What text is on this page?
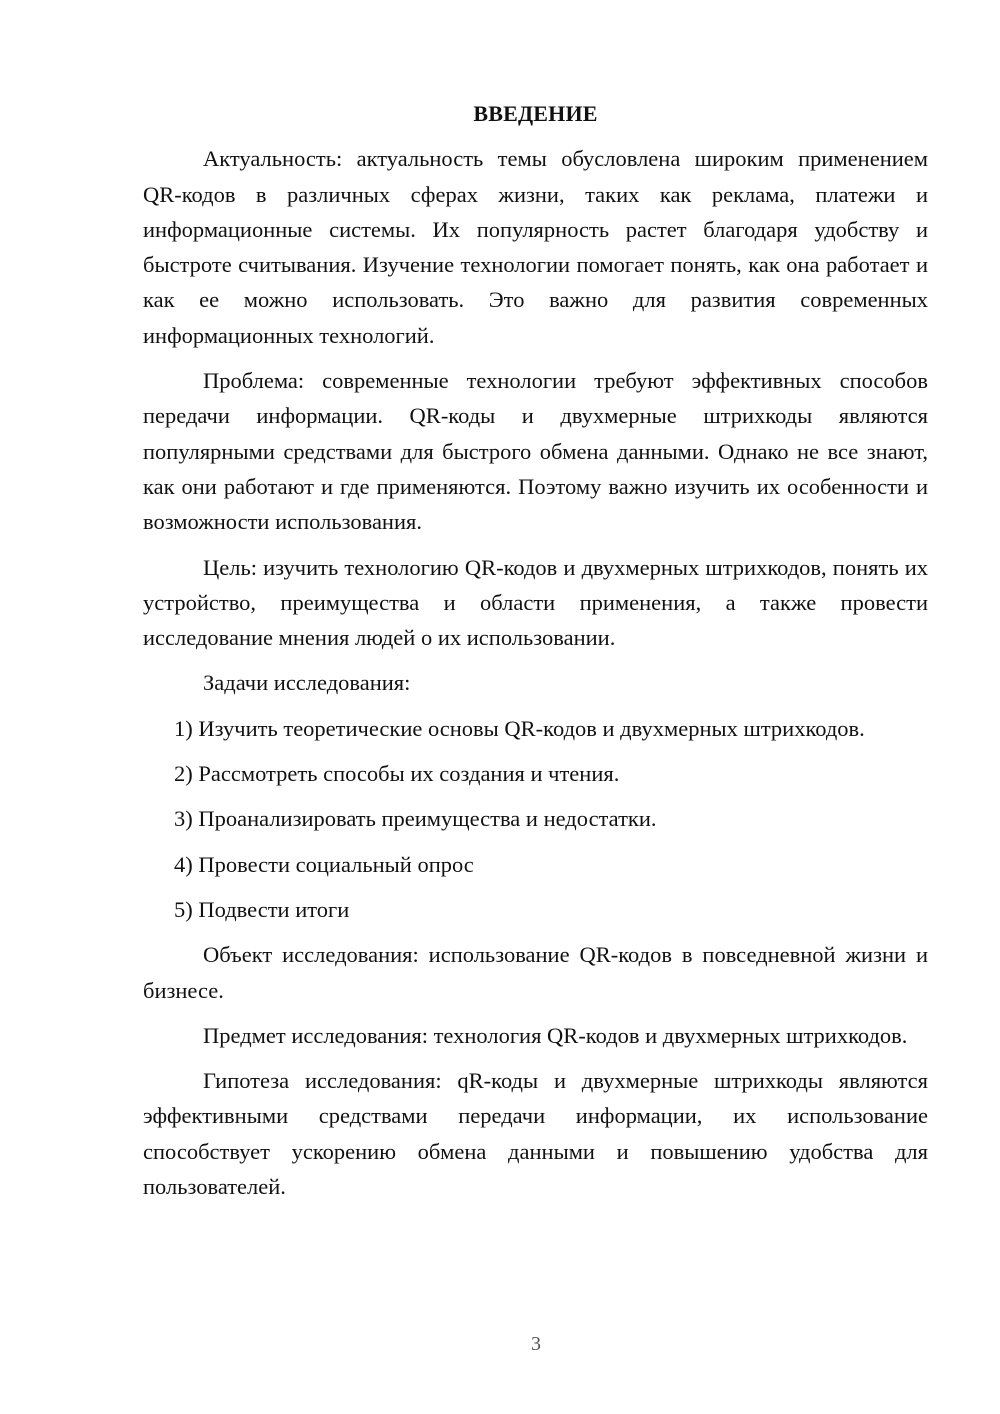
ВВЕДЕНИЕ

Актуальность: актуальность темы обусловлена широким применением QR-кодов в различных сферах жизни, таких как реклама, платежи и информационные системы. Их популярность растет благодаря удобству и быстроте считывания. Изучение технологии помогает понять, как она работает и как ее можно использовать. Это важно для развития современных информационных технологий.

Проблема: современные технологии требуют эффективных способов передачи информации. QR-коды и двухмерные штрихкоды являются популярными средствами для быстрого обмена данными. Однако не все знают, как они работают и где применяются. Поэтому важно изучить их особенности и возможности использования.

Цель: изучить технологию QR-кодов и двухмерных штрихкодов, понять их устройство, преимущества и области применения, а также провести исследование мнения людей о их использовании.

Задачи исследования:

1) Изучить теоретические основы QR-кодов и двухмерных штрихкодов.

2) Рассмотреть способы их создания и чтения.

3) Проанализировать преимущества и недостатки.

4) Провести социальный опрос

5) Подвести итоги

Объект исследования: использование QR-кодов в повседневной жизни и бизнесе.

Предмет исследования: технология QR-кодов и двухмерных штрихкодов.

Гипотеза исследования: qR-коды и двухмерные штрихкоды являются эффективными средствами передачи информации, их использование способствует ускорению обмена данными и повышению удобства для пользователей.

3
